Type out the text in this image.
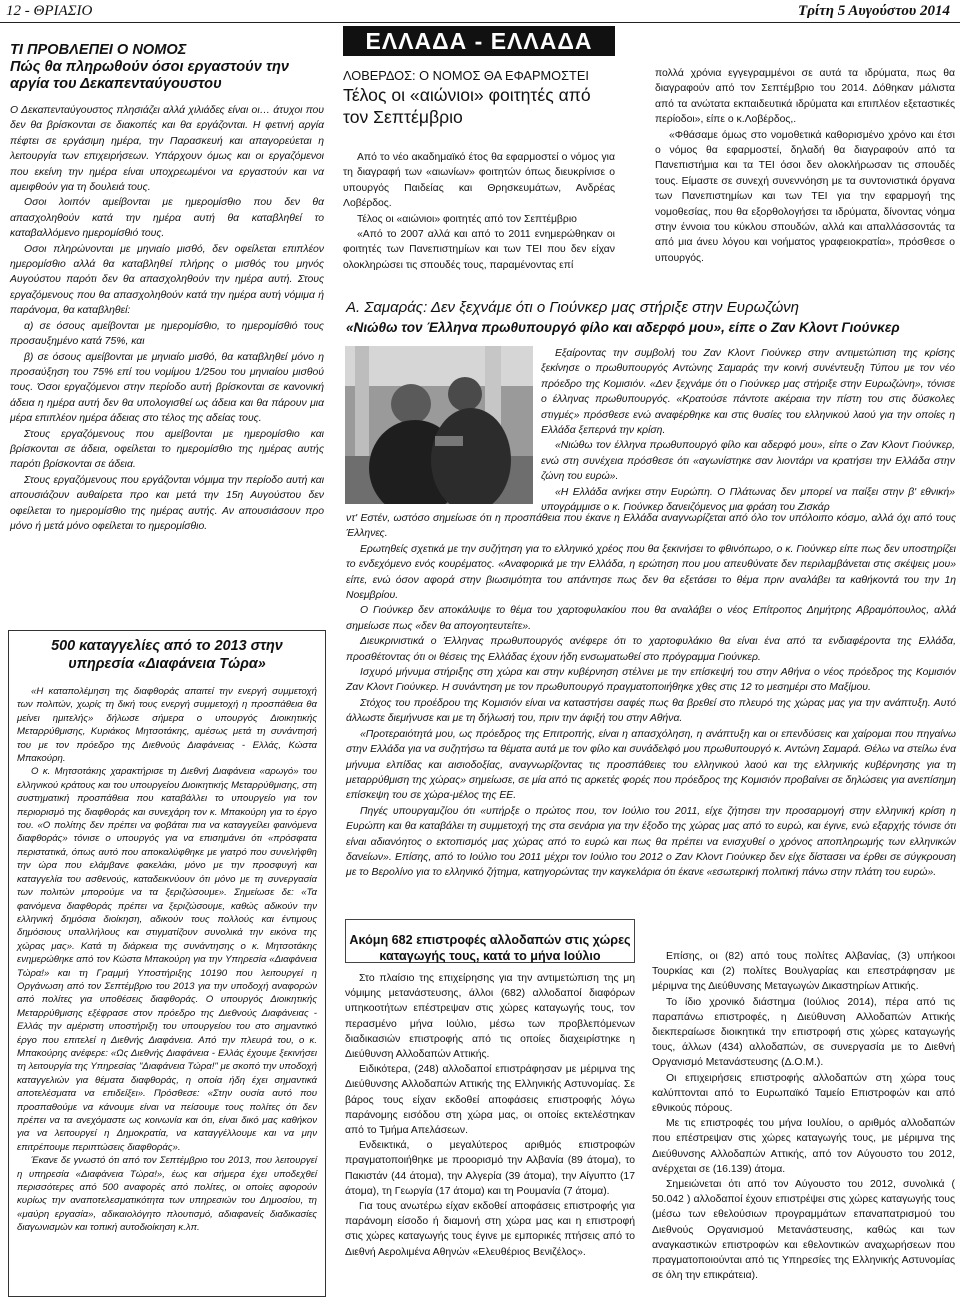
12 - ΘΡΙΑΣΙΟ	Τρίτη 5 Αυγούστου 2014
ΤΙ ΠΡΟΒΛΕΠΕΙ Ο ΝΟΜΟΣ
Πώς θα πληρωθούν όσοι εργαστούν την αργία του Δεκαπενταύγουστου

Ο Δεκαπενταύγουστος πλησιάζει αλλά χιλιάδες είναι οι… άτυχοι που δεν θα βρίσκονται σε διακοπές και θα εργάζονται. Η φετινή αργία πέφτει σε εργάσιμη ημέρα, την Παρασκευή και απαγορεύεται η λειτουργία των επιχειρήσεων. Υπάρχουν όμως και οι εργαζόμενοι που εκείνη την ημέρα είναι υποχρεωμένοι να εργαστούν και να αμειφθούν για τη δουλειά τους.

Οσοι λοιπόν αμείβονται με ημερομίσθιο που δεν θα απασχοληθούν κατά την ημέρα αυτή θα καταβληθεί το καταβαλλόμενο ημερομίσθιό τους.

Οσοι πληρώνονται με μηνιαίο μισθό, δεν οφείλεται επιπλέον ημερομίσθιο αλλά θα καταβληθεί πλήρης ο μισθός του μηνός Αυγούστου παρότι δεν θα απασχοληθούν την ημέρα αυτή. Στους εργαζόμενους που θα απασχοληθούν κατά την ημέρα αυτή νόμιμα ή παράνομα, θα καταβληθεί:

α) σε όσους αμείβονται με ημερομίσθιο, το ημερομίσθιό τους προσαυξημένο κατά 75%, και

β) σε όσους αμείβονται με μηνιαίο μισθό, θα καταβληθεί μόνο η προσαύξηση του 75% επί του νομίμου 1/25ου του μηνιαίου μισθού τους. Όσοι εργαζόμενοι στην περίοδο αυτή βρίσκονται σε κανονική άδεια η ημέρα αυτή δεν θα υπολογισθεί ως άδεια και θα πάρουν μια μέρα επιπλέον ημέρα άδειας στο τέλος της αδείας τους.

Στους εργαζόμενους που αμείβονται με ημερομίσθιο και βρίσκονται σε άδεια, οφείλεται το ημερομίσθιο της ημέρας αυτής παρότι βρίσκονται σε άδεια.

Στους εργαζόμενους που εργάζονται νόμιμα την περίοδο αυτή και απουσιάζουν αυθαίρετα προ και μετά την 15η Αυγούστου δεν οφείλεται το ημερομίσθιο της ημέρας αυτής. Αν απουσιάσουν προ μόνο ή μετά μόνο οφείλεται το ημερομίσθιο.

500 καταγγελίες από το 2013 στην υπηρεσία «Διαφάνεια Τώρα»

«Η καταπολέμηση της διαφθοράς απαιτεί την ενεργή συμμετοχή των πολιτών, χωρίς τη δική τους ενεργή συμμετοχή η προσπάθεια θα μείνει ημιτελής» δήλωσε σήμερα ο υπουργός Διοικητικής Μεταρρύθμισης, Κυριάκος Μητσοτάκης, αμέσως μετά τη συνάντησή του με τον πρόεδρο της Διεθνούς Διαφάνειας - Ελλάς, Κώστα Μπακούρη.

Ο κ. Μητσοτάκης χαρακτήρισε τη Διεθνή Διαφάνεια «αρωγό» του ελληνικού κράτους και του υπουργείου Διοικητικής Μεταρρύθμισης, στη συστηματική προσπάθεια που καταβάλλει το υπουργείο για τον περιορισμό της διαφθοράς και συνεχάρη τον κ. Μπακούρη για το έργο του. «Ο πολίτης δεν πρέπει να φοβάται πια να καταγγείλει φαινόμενα διαφθοράς» τόνισε ο υπουργός για να επισημάνει ότι «πρόσφατα περιστατικά, όπως αυτό που αποκαλύφθηκε με γιατρό που συνελήφθη την ώρα που ελάμβανε φακελάκι, μόνο με την προσφυγή και καταγγελία του ασθενούς, καταδεικνύουν ότι μόνο με τη συνεργασία των πολιτών μπορούμε να τα ξεριζώσουμε». Σημείωσε δε: «Τα φαινόμενα διαφθοράς πρέπει να ξεριζώσουμε, καθώς αδικούν την ελληνική δημόσια διοίκηση, αδικούν τους πολλούς και έντιμους δημόσιους υπαλλήλους και στιγματίζουν συνολικά την εικόνα της χώρας μας». Κατά τη διάρκεια της συνάντησης ο κ. Μητσοτάκης ενημερώθηκε από τον Κώστα Μπακούρη για την Υπηρεσία «Διαφάνεια Τώρα!» και τη Γραμμή Υποστήριξης 10190 που λειτουργεί η Οργάνωση από τον Σεπτέμβριο του 2013 για την υποδοχή αναφορών από πολίτες για υποθέσεις διαφθοράς. Ο υπουργός Διοικητικής Μεταρρύθμισης εξέφρασε στον πρόεδρο της Διεθνούς Διαφάνειας - Ελλάς την αμέριστη υποστήριξη του υπουργείου του στο σημαντικό έργο που επιτελεί η Διεθνής Διαφάνεια. Από την πλευρά του, ο κ. Μπακούρης ανέφερε: «Ως Διεθνής Διαφάνεια - Ελλάς έχουμε ξεκινήσει τη λειτουργία της Υπηρεσίας "Διαφάνεια Τώρα!" με σκοπό την υποδοχή καταγγελιών για θέματα διαφθοράς, η οποία ήδη έχει σημαντικά αποτελέσματα να επιδείξει». Πρόσθεσε: «Στην ουσία αυτό που προσπαθούμε να κάνουμε είναι να πείσουμε τους πολίτες ότι δεν πρέπει να τα ανεχόμαστε ως κοινωνία και ότι, είναι δικό μας καθήκον για να λειτουργεί η Δημοκρατία, να καταγγέλλουμε και να μην επιτρέπουμε περιπτώσεις διαφθοράς».

Έκανε δε γνωστό ότι από τον Σεπτέμβριο του 2013, που λειτουργεί η υπηρεσία «Διαφάνεια Τώρα!», έως και σήμερα έχει υποδεχθεί περισσότερες από 500 αναφορές από πολίτες, οι οποίες αφορούν κυρίως την αναποτελεσματικότητα των υπηρεσιών του Δημοσίου, τη «μαύρη εργασία», αδικαιολόγητο πλουτισμό, αδιαφανείς διαδικασίες διαγωνισμών και τοπική αυτοδιοίκηση κ.λπ.

ΕΛΛΑΔΑ - ΕΛΛΑΔΑ
ΛΟΒΕΡΔΟΣ: Ο ΝΟΜΟΣ ΘΑ ΕΦΑΡΜΟΣΤΕΙ
Τέλος οι «αιώνιοι» φοιτητές από τον Σεπτέμβριο

Από το νέο ακαδημαϊκό έτος θα εφαρμοστεί ο νόμος για τη διαγραφή των «αιωνίων» φοιτητών όπως διευκρίνισε ο υπουργός Παιδείας και Θρησκευμάτων, Ανδρέας Λοβέρδος.

Τέλος οι «αιώνιοι» φοιτητές από τον Σεπτέμβριο

«Από το 2007 αλλά και από το 2011 ενημερώθηκαν οι φοιτητές των Πανεπιστημίων και των ΤΕΙ που δεν είχαν ολοκληρώσει τις σπουδές τους, παραμένοντας επί

πολλά χρόνια εγγεγραμμένοι σε αυτά τα ιδρύματα, πως θα διαγραφούν από τον Σεπτέμβριο του 2014. Δόθηκαν μάλιστα από τα ανώτατα εκπαιδευτικά ιδρύματα και επιπλέον εξεταστικές περίοδοι», είπε ο κ.Λοβέρδος,.

«Φθάσαμε όμως στο νομοθετικά καθορισμένο χρόνο και έτσι ο νόμος θα εφαρμοστεί, δηλαδή θα διαγραφούν από τα Πανεπιστήμια και τα ΤΕΙ όσοι δεν ολοκλήρωσαν τις σπουδές τους. Είμαστε σε συνεχή συνεννόηση με τα συντονιστικά όργανα των Πανεπιστημίων και των ΤΕΙ για την εφαρμογή της νομοθεσίας, που θα εξορθολογήσει τα ιδρύματα, δίνοντας νόημα στην έννοια του κύκλου σπουδών, αλλά και απαλλάσσοντάς τα από μια άνευ λόγου και νοήματος γραφειοκρατία», πρόσθεσε ο υπουργός.

Α. Σαμαράς: Δεν ξεχνάμε ότι ο Γιούνκερ μας στήριξε στην Ευρωζώνη
«Νιώθω τον Έλληνα πρωθυπουργό φίλο και αδερφό μου», είπε ο Ζαν Κλοντ Γιούνκερ

Εξαίροντας την συμβολή του Ζαν Κλοντ Γιούνκερ στην αντιμετώπιση της κρίσης ξεκίνησε ο πρωθυπουργός Αντώνης Σαμαράς την κοινή συνέντευξη Τύπου με τον νέο πρόεδρο της Κομισιόν. «Δεν ξεχνάμε ότι ο Γιούνκερ μας στήριξε στην Ευρωζώνη», τόνισε ο έλληνας πρωθυπουργός. «Κρατούσε πάντοτε ακέραια την πίστη του στις δύσκολες στιγμές» πρόσθεσε ενώ αναφέρθηκε και στις θυσίες του ελληνικού λαού για την οποίες η Ελλάδα ξεπερνά την κρίση.

«Νιώθω τον έλληνα πρωθυπουργό φίλο και αδερφό μου», είπε ο Ζαν Κλοντ Γιούνκερ, ενώ στη συνέχεια πρόσθεσε ότι «αγωνίστηκε σαν λιοντάρι να κρατήσει την Ελλάδα στην ζώνη του ευρώ».

«Η Ελλάδα ανήκει στην Ευρώπη. Ο Πλάτωνας δεν μπορεί να παίξει στην β' εθνική» υπογράμμισε ο κ. Γιούνκερ δανειζόμενος μια φράση του Ζισκάρ

ντ' Εστέν, ωστόσο σημείωσε ότι η προσπάθεια που έκανε η Ελλάδα αναγνωρίζεται από όλο τον υπόλοιπο κόσμο, αλλά όχι από τους Έλληνες.

Ερωτηθείς σχετικά με την συζήτηση για το ελληνικό χρέος που θα ξεκινήσει το φθινόπωρο, ο κ. Γιούνκερ είπε πως δεν υποστηρίζει το ενδεχόμενο ενός κουρέματος. «Αναφορικά με την Ελλάδα, η ερώτηση που μου απευθύνατε δεν περιλαμβάνεται στις σκέψεις μου» είπε, ενώ όσον αφορά στην βιωσιμότητα του απάντησε πως δεν θα εξετάσει το θέμα πριν αναλάβει τα καθήκοντά του την 1η Νοεμβρίου.

Ο Γιούνκερ δεν αποκάλυψε το θέμα του χαρτοφυλακίου που θα αναλάβει ο νέος Επίτροπος Δημήτρης Αβραμόπουλος, αλλά σημείωσε πως «δεν θα απογοητευτείτε».

Διευκρινιστικά ο Έλληνας πρωθυπουργός ανέφερε ότι το χαρτοφυλάκιο θα είναι ένα από τα ενδιαφέροντα της Ελλάδα, προσθέτοντας ότι οι θέσεις της Ελλάδας έχουν ήδη ενσωματωθεί στο πρόγραμμα Γιούνκερ.

Ισχυρό μήνυμα στήριξης στη χώρα και στην κυβέρνηση στέλνει με την επίσκεψή του στην Αθήνα ο νέος πρόεδρος της Κομισιόν Ζαν Κλοντ Γιούνκερ. Η συνάντηση με τον πρωθυπουργό πραγματοποιήθηκε χθες στις 12 το μεσημέρι στο Μαξίμου.

Στόχος του προέδρου της Κομισιόν είναι να καταστήσει σαφές πως θα βρεθεί στο πλευρό της χώρας μας για την ανάπτυξη. Αυτό άλλωστε διεμήνυσε και με τη δήλωσή του, πριν την άφιξή του στην Αθήνα.

«Προτεραιότητά μου, ως πρόεδρος της Επιτροπής, είναι η απασχόληση, η ανάπτυξη και οι επενδύσεις και χαίρομαι που πηγαίνω στην Ελλάδα για να συζητήσω τα θέματα αυτά με τον φίλο και συνάδελφό μου πρωθυπουργό κ. Αντώνη Σαμαρά. Θέλω να στείλω ένα μήνυμα ελπίδας και αισιοδοξίας, αναγνωρίζοντας τις προσπάθειες του ελληνικού λαού και της ελληνικής κυβέρνησης για τη μεταρρύθμιση της χώρας» σημείωσε, σε μία από τις αρκετές φορές που πρόεδρος της Κομισιόν προβαίνει σε δηλώσεις για ανεπίσημη επίσκεψη του σε χώρα-μέλος της ΕΕ.

Πηγές υπουργαμζίου ότι «υπήρξε ο πρώτος που, τον Ιούλιο του 2011, είχε ζήτησει την προσαρμογή στην ελληνική κρίση η Ευρώπη και θα καταβάλει τη συμμετοχή της στα σενάρια για την έξοδο της χώρας μας από το ευρώ, και έγινε, ενώ εξαρχής τόνισε ότι είναι αδιανόητος ο εκτοπισμός μας χώρας από το ευρώ και πως θα πρέπει να ενισχυθεί ο χρόνος αποπληρωμής των ελληνικών δανείων». Επίσης, από το Ιούλιο του 2011 μέχρι τον Ιούλιο του 2012 ο Ζαν Κλοντ Γιούνκερ δεν είχε δίστασει να έρθει σε σύγκρουση με το Βερολίνο για το ελληνικό ζήτημα, κατηγορώντας την καγκελάρια ότι έκανε «εσωτερική πολιτική πάνω στην πλάτη του ευρώ».

Ακόμη 682 επιστροφές αλλοδαπών στις χώρες καταγωγής τους, κατά το μήνα Ιούλιο

Στο πλαίσιο της επιχείρησης για την αντιμετώπιση της μη νόμιμης μετανάστευσης, άλλοι (682) αλλοδαποί διαφόρων υπηκοοτήτων επέστρεψαν στις χώρες καταγωγής τους, τον περασμένο μήνα Ιούλιο, μέσω των προβλεπόμενων διαδικασιών επιστροφής από τις οποίες διαχειρίστηκε η Διεύθυνση Αλλοδαπών Αττικής.

Ειδικότερα, (248) αλλοδαποί επιστράφησαν με μέριμνα της Διεύθυνσης Αλλοδαπών Αττικής της Ελληνικής Αστυνομίας. Σε βάρος τους είχαν εκδοθεί αποφάσεις επιστροφής λόγω παράνομης εισόδου στη χώρα μας, οι οποίες εκτελέστηκαν από το Τμήμα Απελάσεων.

Ενδεικτικά, ο μεγαλύτερος αριθμός επιστροφών πραγματοποιήθηκε με προορισμό την Αλβανία (89 άτομα), το Πακιστάν (44 άτομα), την Αλγερία (39 άτομα), την Αίγυπτο (17 άτομα), τη Γεωργία (17 άτομα) και τη Ρουμανία (7 άτομα).

Για τους ανωτέρω είχαν εκδοθεί αποφάσεις επιστροφής για παράνομη είσοδο ή διαμονή στη χώρα μας και η επιστροφή στις χώρες καταγωγής τους έγινε με εμπορικές πτήσεις από το Διεθνή Αερολιμένα Αθηνών «Ελευθέριος Βενιζέλος».

Επίσης, οι (82) από τους πολίτες Αλβανίας, (3) υπήκοοι Τουρκίας και (2) πολίτες Βουλγαρίας και επεστράφησαν με μέριμνα της Διεύθυνσης Μεταγωγών Δικαστηρίων Αττικής.

Το ίδιο χρονικό διάστημα (Ιούλιος 2014), πέρα από τις παραπάνω επιστροφές, η Διεύθυνση Αλλοδαπών Αττικής διεκπεραίωσε διοικητικά την επιστροφή στις χώρες καταγωγής τους, άλλων (434) αλλοδαπών, σε συνεργασία με το Διεθνή Οργανισμό Μετανάστευσης (Δ.Ο.Μ.).

Οι επιχειρήσεις επιστροφής αλλοδαπών στη χώρα τους καλύπτονται από το Ευρωπαϊκό Ταμείο Επιστροφών και από εθνικούς πόρους.

Με τις επιστροφές του μήνα Ιουλίου, ο αριθμός αλλοδαπών που επέστρεψαν στις χώρες καταγωγής τους, με μέριμνα της Διεύθυνσης Αλλοδαπών Αττικής, από τον Αύγουστο του 2012, ανέρχεται σε (16.139) άτομα.

Σημειώνεται ότι από τον Αύγουστο του 2012, συνολικά ( 50.042 ) αλλοδαποί έχουν επιστρέψει στις χώρες καταγωγής τους (μέσω των εθελούσιων προγραμμάτων επαναπατρισμού του Διεθνούς Οργανισμού Μετανάστευσης, καθώς και των αναγκαστικών επιστροφών και εθελοντικών αναχωρήσεων που πραγματοποιούνται από τις Υπηρεσίες της Ελληνικής Αστυνομίας σε όλη την επικράτεια).
